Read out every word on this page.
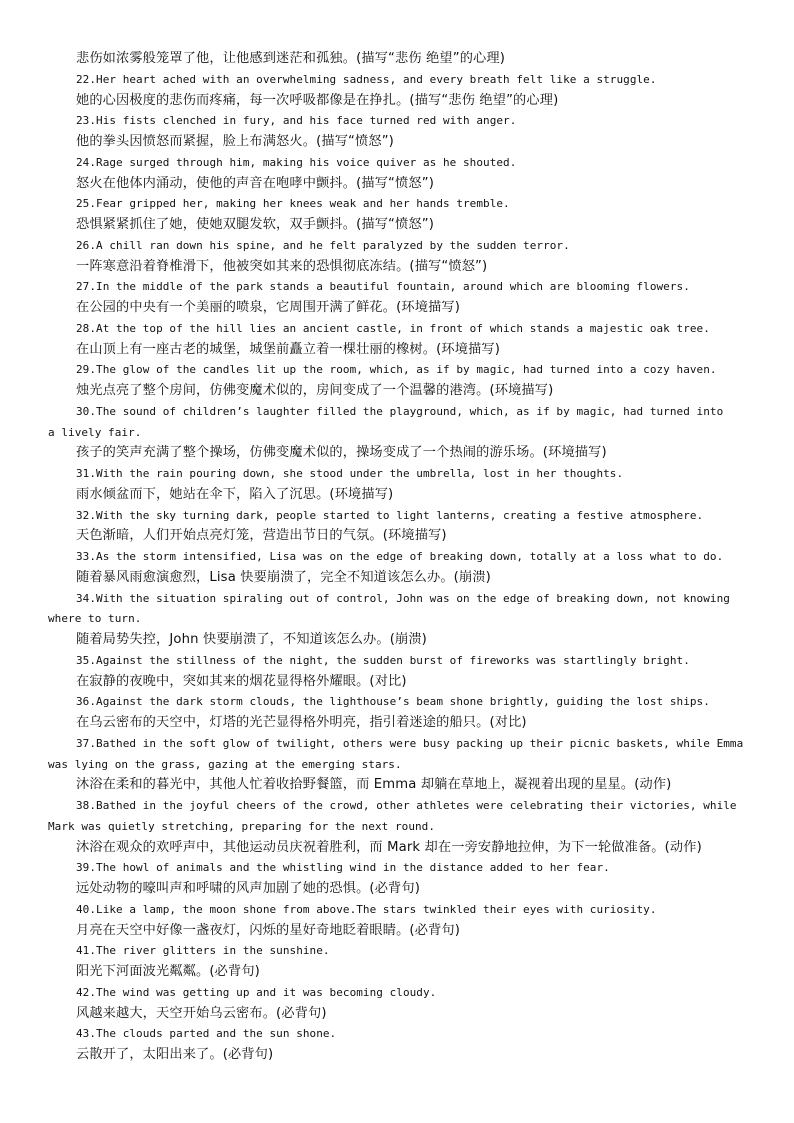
悲伤如浓雾般笼罩了他，让他感到迷茫和孤独。(描写“悲伤 绝望”的心理)

22.Her heart ached with an overwhelming sadness, and every breath felt like a struggle.

她的心因极度的悲伤而疼痛，每一次呼吸都像是在挣扎。(描写“悲伤 绝望”的心理)

23.His fists clenched in fury, and his face turned red with anger.

他的拳头因愤怒而紧握，脸上布满怒火。(描写“愤怒”)

24.Rage surged through him, making his voice quiver as he shouted.

怒火在他体内涌动，使他的声音在咆哮中颤抖。(描写“愤怒”)

25.Fear gripped her, making her knees weak and her hands tremble.

恐惧紧紧抓住了她，使她双腿发软，双手颤抖。(描写“愤怒”)

26.A chill ran down his spine, and he felt paralyzed by the sudden terror.

一阵寒意沿着脊椎滑下，他被突如其来的恐惧彻底冻结。(描写“愤怒”)

27.In the middle of the park stands a beautiful fountain, around which are blooming flowers.

在公园的中央有一个美丽的喷泉，它周围开满了鲜花。(环境描写)

28.At the top of the hill lies an ancient castle, in front of which stands a majestic oak tree.

在山顶上有一座古老的城堡，城堡前矗立着一棵壮丽的橡树。(环境描写)

29.The glow of the candles lit up the room, which, as if by magic, had turned into a cozy haven.

烛光点亮了整个房间，仿佛变魔术似的，房间变成了一个温馨的港湾。(环境描写)

30.The sound of children’s laughter filled the playground, which, as if by magic, had turned into

a lively fair.

孩子的笑声充满了整个操场，仿佛变魔术似的，操场变成了一个热闹的游乐场。(环境描写)

31.With the rain pouring down, she stood under the umbrella, lost in her thoughts.

雨水倾盆而下，她站在伞下，陷入了沉思。(环境描写)

32.With the sky turning dark, people started to light lanterns, creating a festive atmosphere.

天色渐暗，人们开始点亮灯笼，营造出节日的气氛。(环境描写)

33.As the storm intensified, Lisa was on the edge of breaking down, totally at a loss what to do.

随着暴风雨愈演愈烈，Lisa 快要崩溃了，完全不知道该怎么办。(崩溃)

34.With the situation spiraling out of control, John was on the edge of breaking down, not knowing

where to turn.

随着局势失控，John 快要崩溃了，不知道该怎么办。(崩溃)

35.Against the stillness of the night, the sudden burst of fireworks was startlingly bright.

在寂静的夜晚中，突如其来的烟花显得格外耀眼。(对比)

36.Against the dark storm clouds, the lighthouse’s beam shone brightly, guiding the lost ships.

在乌云密布的天空中，灯塔的光芒显得格外明亮，指引着迷途的船只。(对比)

37.Bathed in the soft glow of twilight, others were busy packing up their picnic baskets, while Emma

was lying on the grass, gazing at the emerging stars.

沐浴在柔和的暮光中，其他人忙着收拾野餐篮，而 Emma 却躺在草地上，凝视着出现的星星。(动作)

38.Bathed in the joyful cheers of the crowd, other athletes were celebrating their victories, while

Mark was quietly stretching, preparing for the next round.

沐浴在观众的欢呼声中，其他运动员庆祝着胜利，而 Mark 却在一旁安静地拉伸，为下一轮做准备。(动作)

39.The howl of animals and the whistling wind in the distance added to her fear.

远处动物的嚎叫声和呼啸的风声加剧了她的恐惧。(必背句)

40.Like a lamp, the moon shone from above.The stars twinkled their eyes with curiosity.

月亮在天空中好像一盏夜灯，闪烁的星好奇地眨着眼睛。(必背句)

41.The river glitters in the sunshine.

阳光下河面波光粼粼。(必背句)

42.The wind was getting up and it was becoming cloudy.

风越来越大，天空开始乌云密布。(必背句)

43.The clouds parted and the sun shone.

云散开了，太阳出来了。(必背句)
